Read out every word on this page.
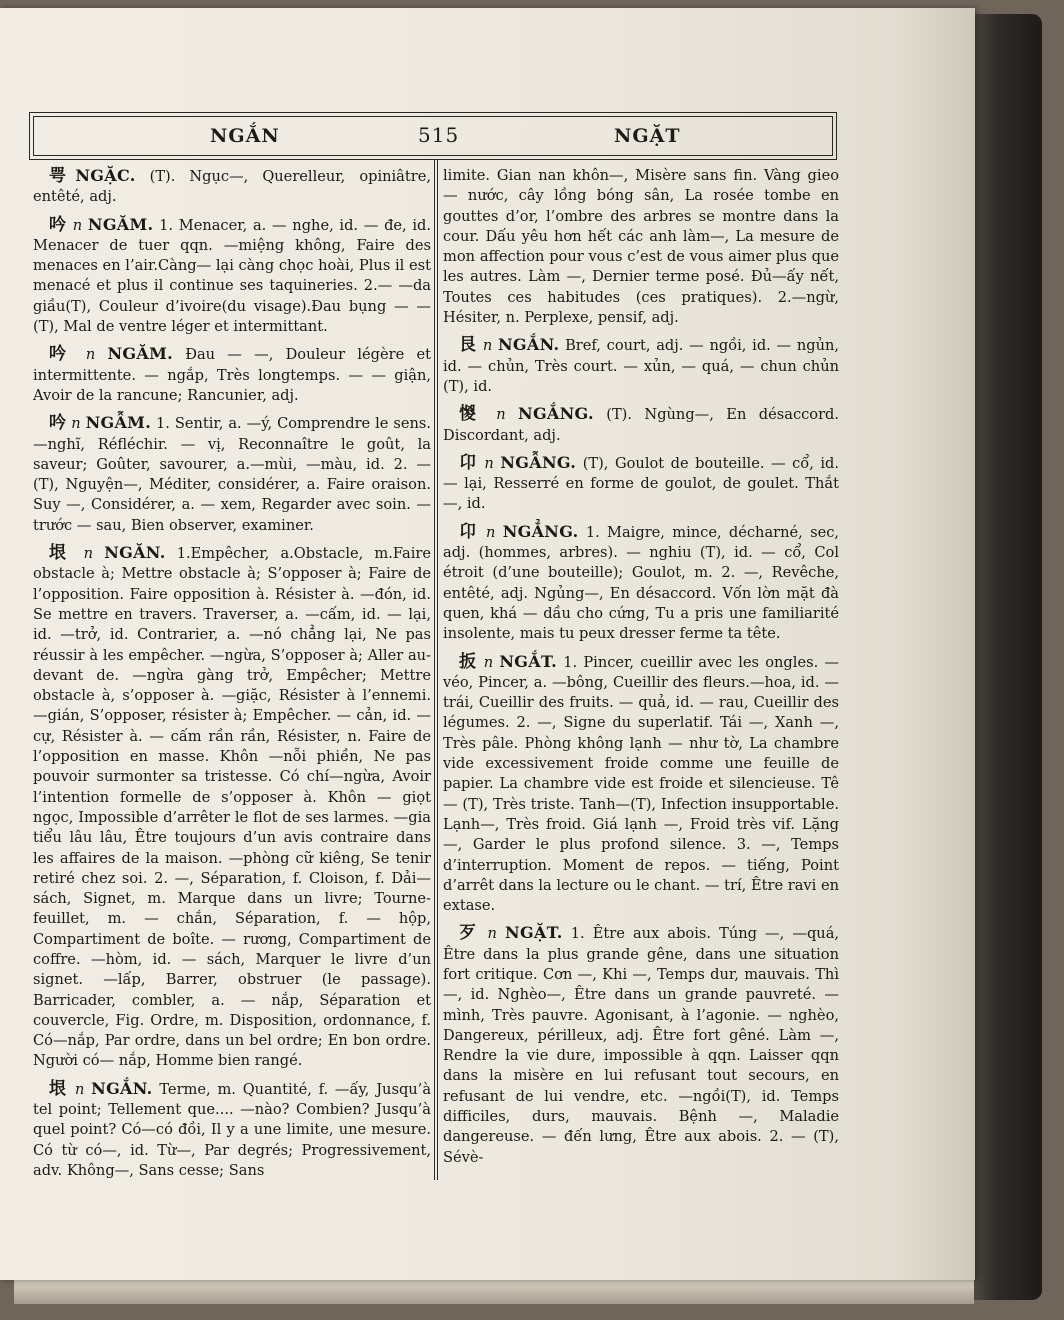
NGẮN	515	NGẶT

咢NGẶC. (T). Ngục—, Querelleur, opiniâtre, entêté, adj.

吟 n NGĂM. 1. Menacer, a. — nghe, id. — đe, id. Menacer de tuer qqn. —miệng không, Faire des menaces en l’air.Càng— lại càng chọc hoài, Plus il est menacé et plus il continue ses taquineries. 2.— —da giầu(T), Couleur d’ivoire(du visage).Đau bụng — —(T), Mal de ventre léger et intermittant.

吟 n NGĂM. Đau — —, Douleur légère et intermittente. — ngắp, Très longtemps. — — giận, Avoir de la rancune; Rancunier, adj.

吟 n NGẪM. 1. Sentir, a. —ý, Comprendre le sens. —nghĩ, Réfléchir. — vị, Reconnaître le goût, la saveur; Goûter, savourer, a.—mùi, —màu, id. 2. — (T), Nguyện—, Méditer, considérer, a. Faire oraison. Suy —, Considérer, a. — xem, Regarder avec soin. — trước — sau, Bien observer, examiner.

垠 n NGĂN. 1.Empêcher, a.Obstacle, m.Faire obstacle à; Mettre obstacle à; S’opposer à; Faire de l’opposition. Faire opposition à. Résister à. —đón, id. Se mettre en travers. Traverser, a. —cấm, id. — lại, id. —trở, id. Contrarier, a. —nó chẳng lại, Ne pas réussir à les empêcher. —ngừa, S’opposer à; Aller au-devant de. —ngừa gàng trở, Empêcher; Mettre obstacle à, s’opposer à. —giặc, Résister à l’ennemi. —gián, S’opposer, résister à; Empêcher. — cản, id. — cự, Résister à. — cấm rần rần, Résister, n. Faire de l’opposition en masse. Khôn —nỗi phiền, Ne pas pouvoir surmonter sa tristesse. Có chí—ngừa, Avoir l’intention formelle de s’opposer à. Khôn — giọt ngọc, Impossible d’arrêter le flot de ses larmes. —gia tiểu lâu lâu, Être toujours d’un avis contraire dans les affaires de la maison. —phòng cữ kiêng, Se tenir retiré chez soi. 2. —, Séparation, f. Cloison, f. Dải—sách, Signet, m. Marque dans un livre; Tourne-feuillet, m. — chắn, Séparation, f. — hộp, Compartiment de boîte. — rương, Compartiment de coffre. —hòm, id. — sách, Marquer le livre d’un signet. —lấp, Barrer, obstruer (le passage). Barricader, combler, a. — nắp, Séparation et couvercle, Fig. Ordre, m. Disposition, ordonnance, f. Có—nắp, Par ordre, dans un bel ordre; En bon ordre. Người có— nắp, Homme bien rangé.

垠 n NGẮN. Terme, m. Quantité, f. —ấy, Jusqu’à tel point; Tellement que.... —nào? Combien? Jusqu’à quel point? Có—có đồi, Il y a une limite, une mesure. Có từ có—, id. Từ—, Par degrés; Progressivement, adv. Không—, Sans cesse; Sans

limite. Gian nan khôn—, Misère sans fin. Vàng gieo — nước, cây lồng bóng sân, La rosée tombe en gouttes d’or, l’ombre des arbres se montre dans la cour. Dấu yêu hơn hết các anh làm—, La mesure de mon affection pour vous c’est de vous aimer plus que les autres. Làm —, Dernier terme posé. Đủ—ấy nết, Toutes ces habitudes (ces pratiques). 2.—ngừ, Hésiter, n. Perplexe, pensif, adj.

艮 n NGẮN. Bref, court, adj. — ngồi, id. — ngủn, id. — chủn, Très court. — xủn, — quá, — chun chủn (T), id.

惾 n NGẮNG. (T). Ngùng—, En désaccord. Discordant, adj.

卬 n NGẪNG. (T), Goulot de bouteille. — cổ, id. — lại, Resserré en forme de goulot, de goulet. Thắt—, id.

卬 n NGẲNG. 1. Maigre, mince, décharné, sec, adj. (hommes, arbres). — nghiu (T), id. — cổ, Col étroit (d’une bouteille); Goulot, m. 2. —, Revêche, entêté, adj. Ngủng—, En désaccord. Vốn lờn mặt đà quen, khá — dầu cho cứng, Tu a pris une familiarité insolente, mais tu peux dresser ferme ta tête.

扳 n NGẮT. 1. Pincer, cueillir avec les ongles. — véo, Pincer, a. —bông, Cueillir des fleurs.—hoa, id. — trái, Cueillir des fruits. — quả, id. — rau, Cueillir des légumes. 2. —, Signe du superlatif. Tái —, Xanh —, Très pâle. Phòng không lạnh — như tờ, La chambre vide excessivement froide comme une feuille de papier. La chambre vide est froide et silencieuse. Tê — (T), Très triste. Tanh—(T), Infection insupportable. Lạnh—, Très froid. Giá lạnh —, Froid très vif. Lặng —, Garder le plus profond silence. 3. —, Temps d’interruption. Moment de repos. — tiếng, Point d’arrêt dans la lecture ou le chant. — trí, Être ravi en extase.

歹 n NGẶT. 1. Être aux abois. Túng —, —quá, Être dans la plus grande gêne, dans une situation fort critique. Cơn —, Khi —, Temps dur, mauvais. Thì —, id. Nghèo—, Être dans un grande pauvreté. — mình, Très pauvre. Agonisant, à l’agonie. — nghèo, Dangereux, périlleux, adj. Être fort gêné. Làm —, Rendre la vie dure, impossible à qqn. Laisser qqn dans la misère en lui refusant tout secours, en refusant de lui vendre, etc. —ngồi(T), id. Temps difficiles, durs, mauvais. Bệnh —, Maladie dangereuse. — đến lưng, Être aux abois. 2. — (T), Sévè-
